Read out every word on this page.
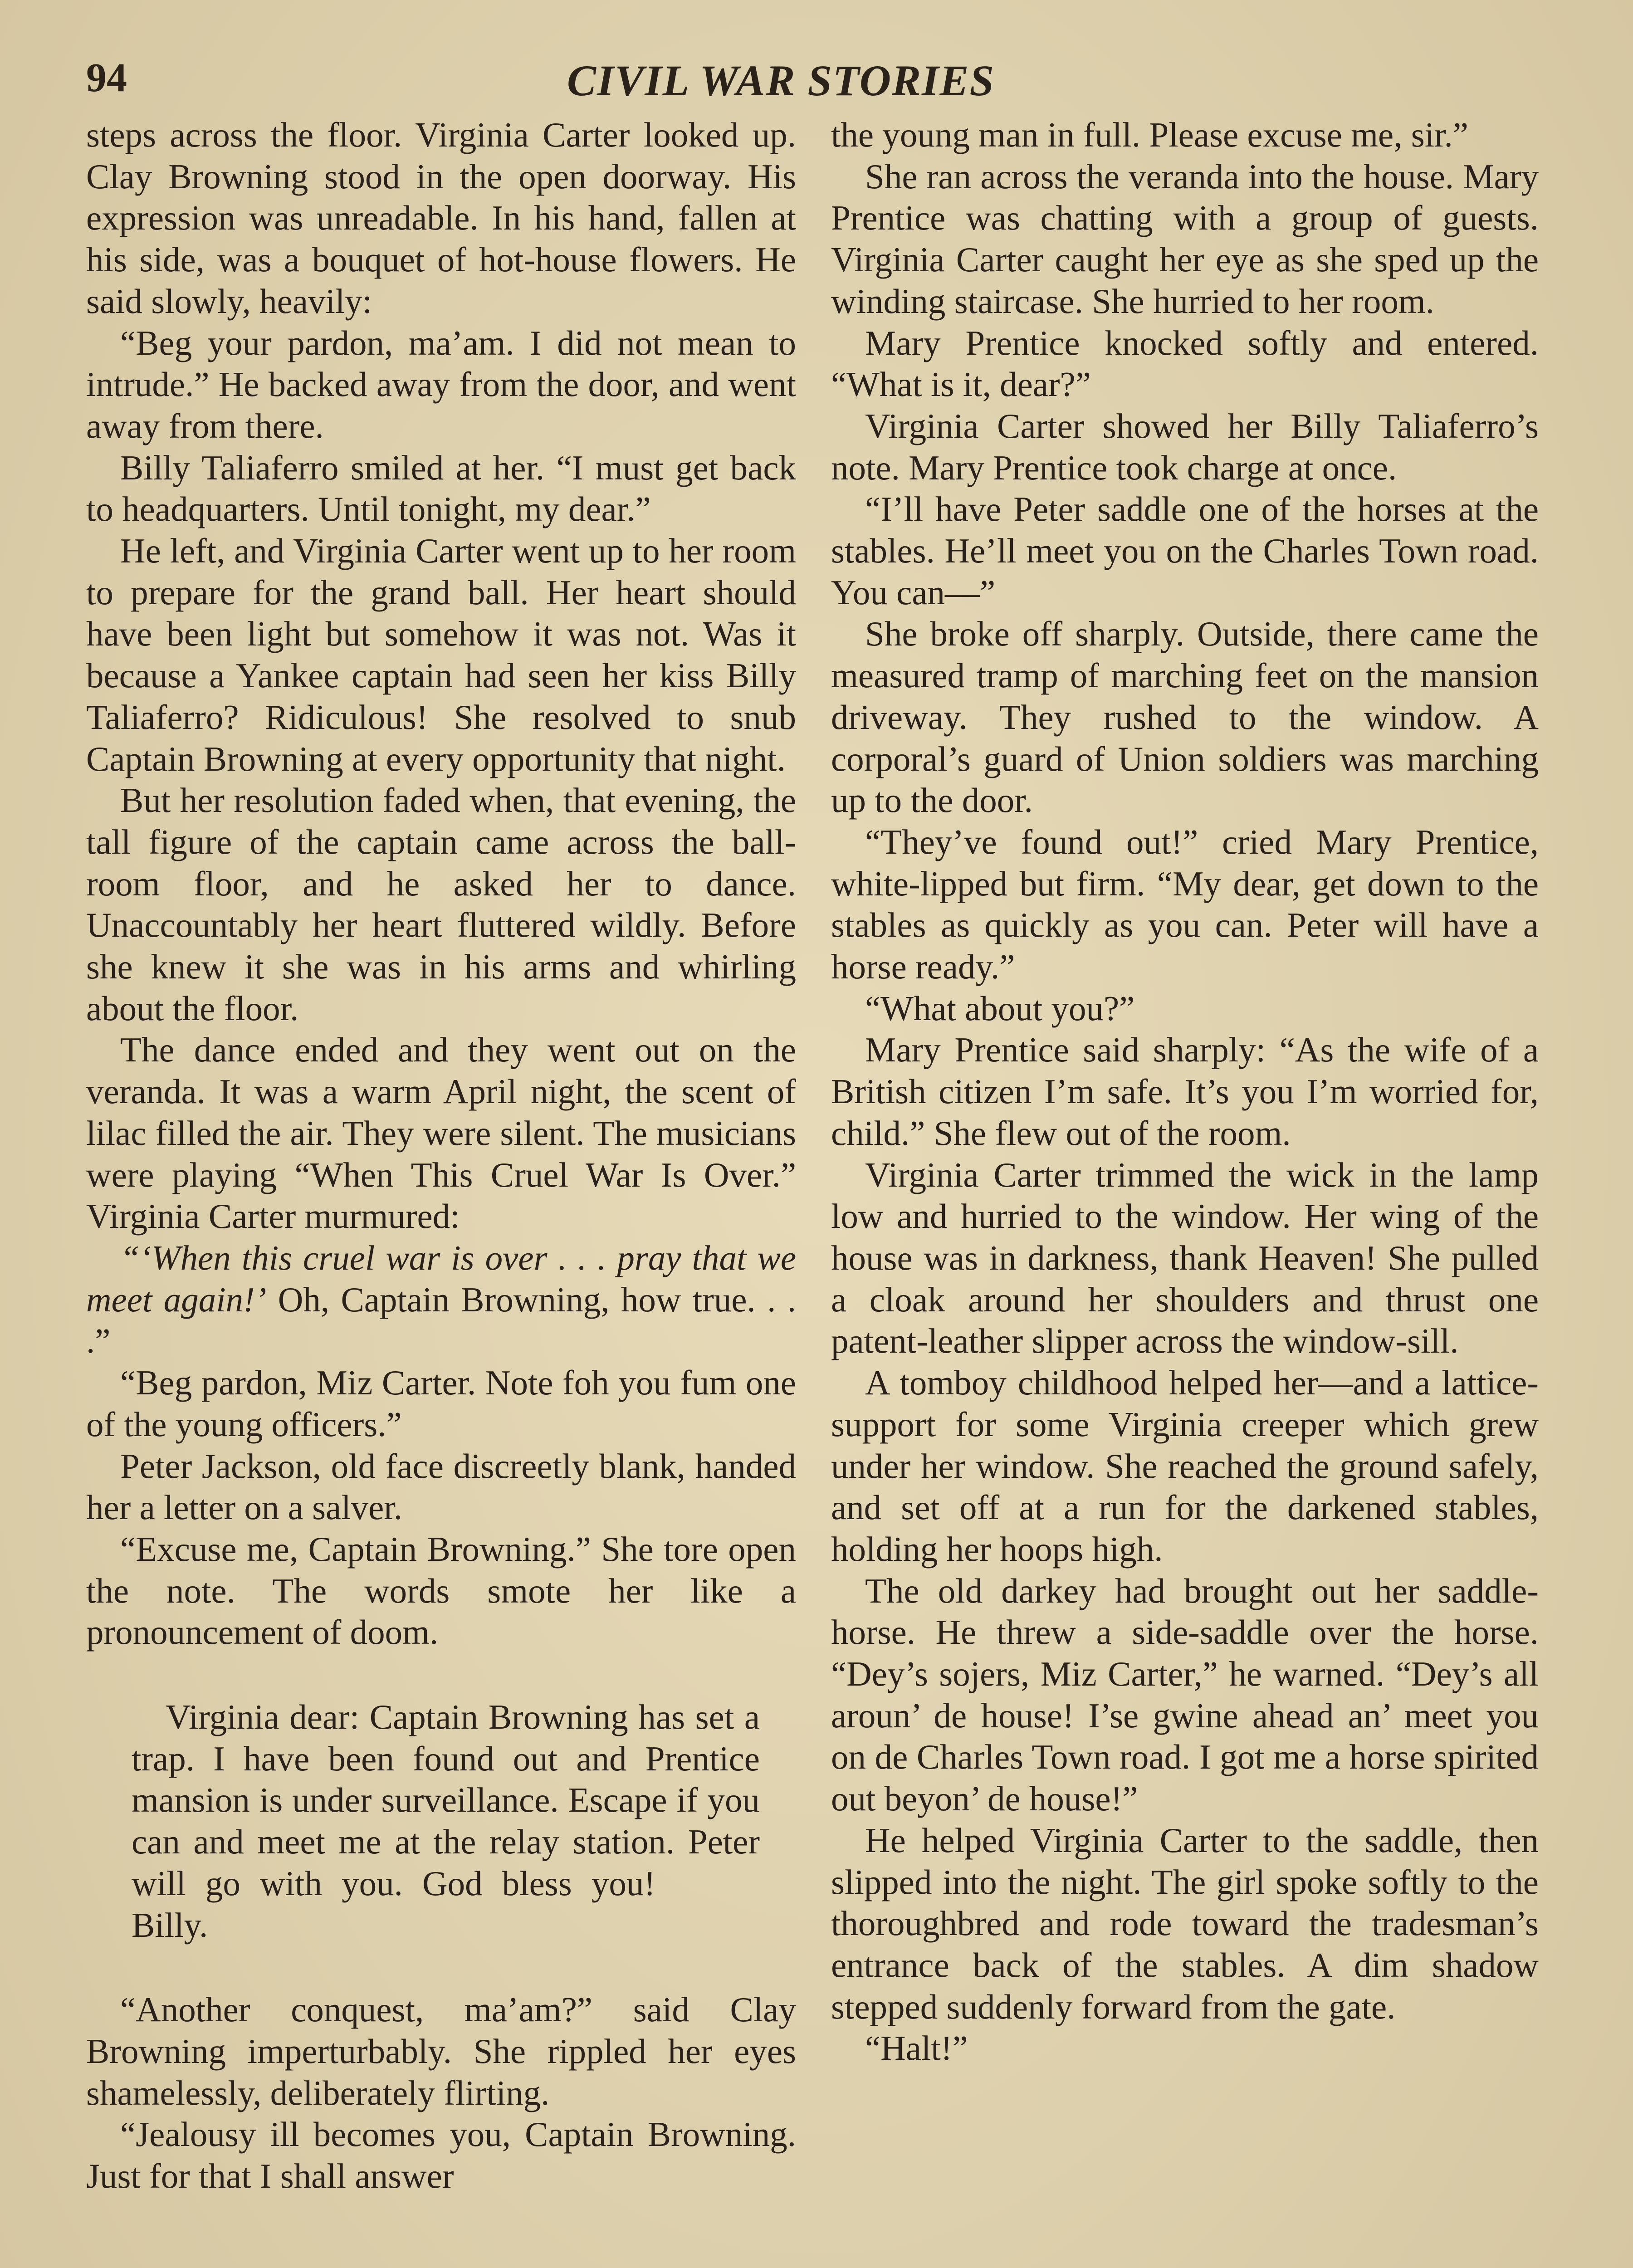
94	CIVIL WAR STORIES

steps across the floor. Virginia Carter looked up. Clay Browning stood in the open doorway. His expression was unreadable. In his hand, fallen at his side, was a bouquet of hot-house flowers. He said slowly, heavily:

“Beg your pardon, ma’am. I did not mean to intrude.” He backed away from the door, and went away from there.

Billy Taliaferro smiled at her. “I must get back to headquarters. Until tonight, my dear.”

He left, and Virginia Carter went up to her room to prepare for the grand ball. Her heart should have been light but somehow it was not. Was it because a Yankee captain had seen her kiss Billy Taliaferro? Ridiculous! She resolved to snub Captain Browning at every opportunity that night.

But her resolution faded when, that evening, the tall figure of the captain came across the ball-room floor, and he asked her to dance. Unaccountably her heart fluttered wildly. Before she knew it she was in his arms and whirling about the floor.

The dance ended and they went out on the veranda. It was a warm April night, the scent of lilac filled the air. They were silent. The musicians were playing “When This Cruel War Is Over.” Virginia Carter murmured:

“‘When this cruel war is over . . . pray that we meet again!’ Oh, Captain Browning, how true. . . .”

“Beg pardon, Miz Carter. Note foh you fum one of the young officers.”

Peter Jackson, old face discreetly blank, handed her a letter on a salver.

“Excuse me, Captain Browning.” She tore open the note. The words smote her like a pronouncement of doom.

Virginia dear: Captain Browning has set a trap. I have been found out and Prentice mansion is under surveillance. Escape if you can and meet me at the relay station. Peter will go with you. God bless you!Billy.

“Another conquest, ma’am?” said Clay Browning imperturbably. She rippled her eyes shamelessly, deliberately flirting.

“Jealousy ill becomes you, Captain Browning. Just for that I shall answer

the young man in full. Please excuse me, sir.”

She ran across the veranda into the house. Mary Prentice was chatting with a group of guests. Virginia Carter caught her eye as she sped up the winding staircase. She hurried to her room.

Mary Prentice knocked softly and entered. “What is it, dear?”

Virginia Carter showed her Billy Taliaferro’s note. Mary Prentice took charge at once.

“I’ll have Peter saddle one of the horses at the stables. He’ll meet you on the Charles Town road. You can—”

She broke off sharply. Outside, there came the measured tramp of marching feet on the mansion driveway. They rushed to the window. A corporal’s guard of Union soldiers was marching up to the door.

“They’ve found out!” cried Mary Prentice, white-lipped but firm. “My dear, get down to the stables as quickly as you can. Peter will have a horse ready.”

“What about you?”

Mary Prentice said sharply: “As the wife of a British citizen I’m safe. It’s you I’m worried for, child.” She flew out of the room.

Virginia Carter trimmed the wick in the lamp low and hurried to the window. Her wing of the house was in darkness, thank Heaven! She pulled a cloak around her shoulders and thrust one patent-leather slipper across the window-sill.

A tomboy childhood helped her—and a lattice-support for some Virginia creeper which grew under her window. She reached the ground safely, and set off at a run for the darkened stables, holding her hoops high.

The old darkey had brought out her saddle-horse. He threw a side-saddle over the horse. “Dey’s sojers, Miz Carter,” he warned. “Dey’s all aroun’ de house! I’se gwine ahead an’ meet you on de Charles Town road. I got me a horse spirited out beyon’ de house!”

He helped Virginia Carter to the saddle, then slipped into the night. The girl spoke softly to the thoroughbred and rode toward the tradesman’s entrance back of the stables. A dim shadow stepped suddenly forward from the gate.

“Halt!”
